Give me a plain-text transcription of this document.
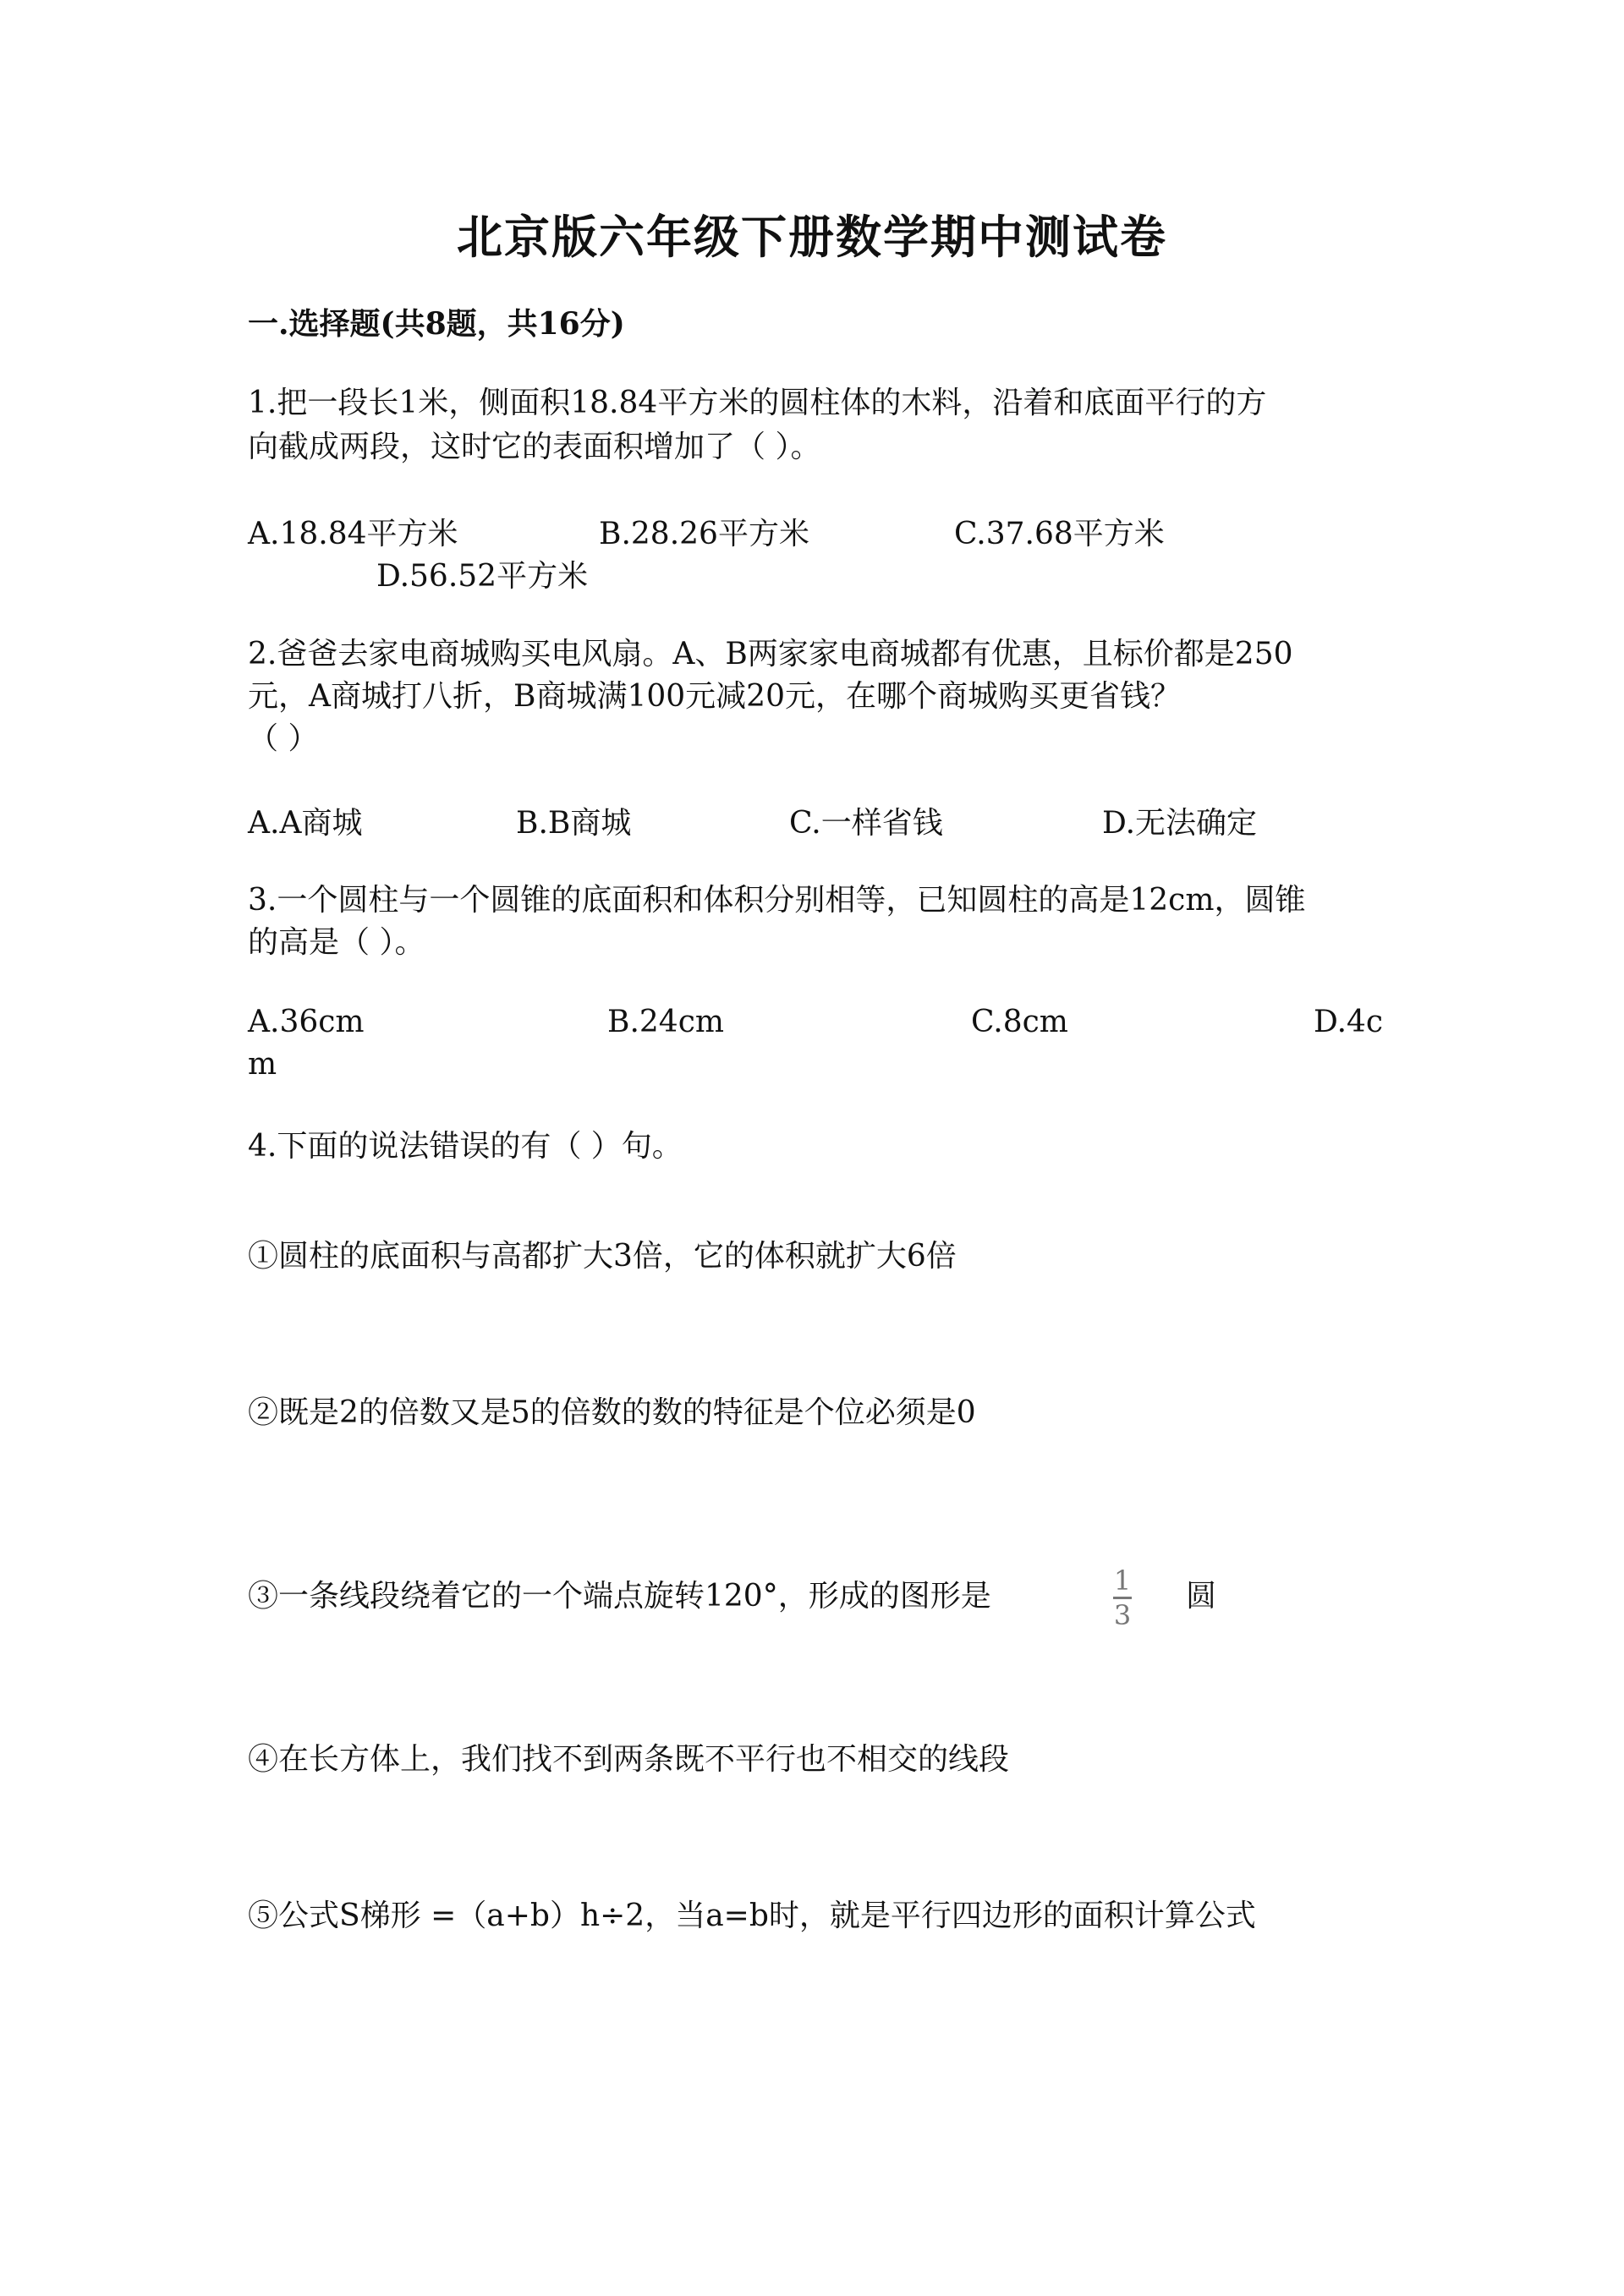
北京版六年级下册数学期中测试卷
一.选择题(共8题，共16分)
1.把一段长1米，侧面积18.84平方米的圆柱体的木料，沿着和底面平行的方
向截成两段，这时它的表面积增加了（ ）。
A.18.84平方米	B.28.26平方米	C.37.68平方米
D.56.52平方米
2.爸爸去家电商城购买电风扇。A、B两家家电商城都有优惠，且标价都是250
元，A商城打八折，B商城满100元减20元，在哪个商城购买更省钱？
（ ）
A.A商城	B.B商城	C.一样省钱	D.无法确定
3.一个圆柱与一个圆锥的底面积和体积分别相等，已知圆柱的高是12cm，圆锥
的高是（ ）。
A.36cm	B.24cm	C.8cm	D.4c
m
4.下面的说法错误的有（ ）句。
①圆柱的底面积与高都扩大3倍，它的体积就扩大6倍
②既是2的倍数又是5的倍数的数的特征是个位必须是0
③一条线段绕着它的一个端点旋转120°，形成的图形是	1
3
圆
④在长方体上，我们找不到两条既不平行也不相交的线段
⑤公式S梯形 =（a+b）h÷2，当a=b时，就是平行四边形的面积计算公式
